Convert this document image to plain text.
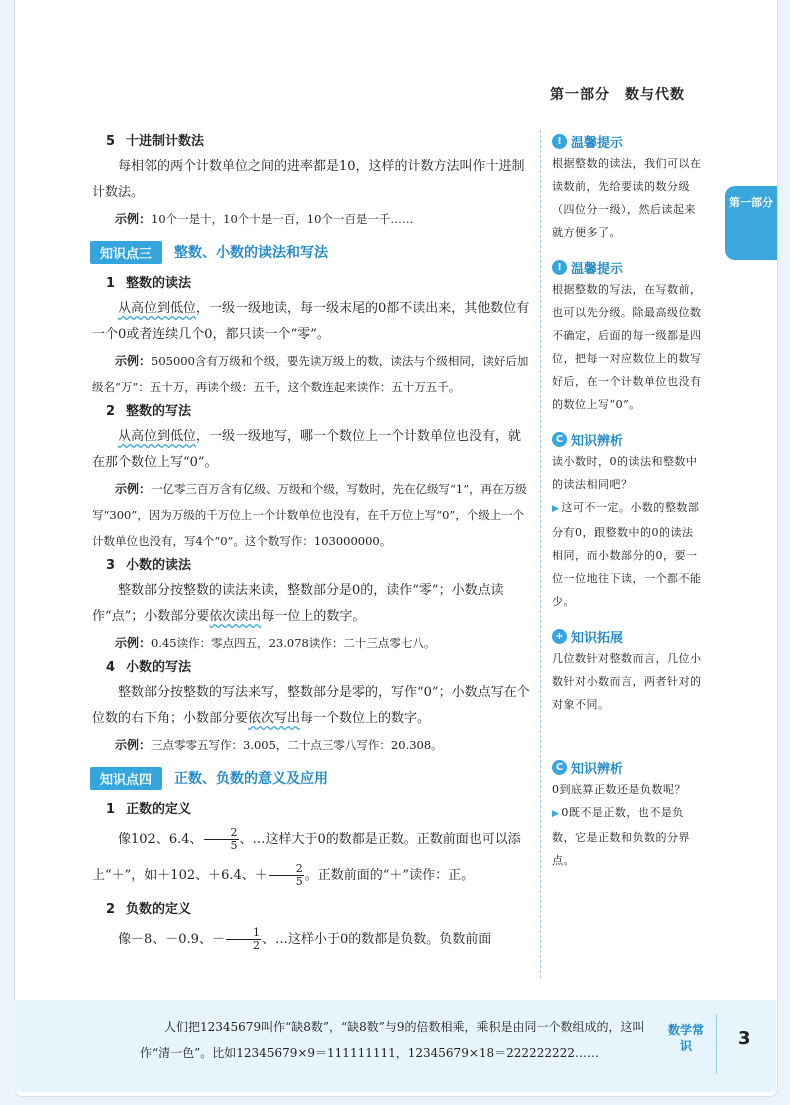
第一部分　数与代数
第一部分
5 十进制计数法

每相邻的两个计数单位之间的进率都是10，这样的计数方法叫作十进制计数法。

示例：10个一是十，10个十是一百，10个一百是一千……

知识点三	整数、小数的读法和写法
1 整数的读法

从高位到低位，一级一级地读，每一级末尾的0都不读出来，其他数位有一个0或者连续几个0，都只读一个“零”。

示例：505000含有万级和个级，要先读万级上的数，读法与个级相同，读好后加级名“万”：五十万，再读个级：五千，这个数连起来读作：五十万五千。

2 整数的写法

从高位到低位，一级一级地写，哪一个数位上一个计数单位也没有，就在那个数位上写“0”。

示例：一亿零三百万含有亿级、万级和个级，写数时，先在亿级写“1”，再在万级写“300”，因为万级的千万位上一个计数单位也没有，在千万位上写“0”，个级上一个计数单位也没有，写4个“0”。这个数写作：103000000。

3 小数的读法

整数部分按整数的读法来读，整数部分是0的，读作“零”；小数点读作“点”；小数部分要依次读出每一位上的数字。

示例：0.45读作：零点四五，23.078读作：二十三点零七八。

4 小数的写法

整数部分按整数的写法来写，整数部分是零的，写作“0”；小数点写在个位数的右下角；小数部分要依次写出每一个数位上的数字。

示例：三点零零五写作：3.005，二十点三零八写作：20.308。

知识点四	正数、负数的意义及应用
1 正数的定义

像102、6.4、 $\frac{2}{5}$ 、…这样大于0的数都是正数。正数前面也可以添上“＋”，如＋102、＋6.4、＋ $\frac{2}{5}$ 。正数前面的“＋”读作：正。

2 负数的定义

像－8、－0.9、－ $\frac{1}{2}$ 、…这样小于0的数都是负数。负数前面

! 温馨提示

根据整数的读法，我们可以在读数前，先给要读的数分级（四位分一级），然后读起来就方便多了。

! 温馨提示

根据整数的写法，在写数前，也可以先分级。除最高级位数不确定，后面的每一级都是四位，把每一对应数位上的数写好后，在一个计数单位也没有的数位上写“0”。

C 知识辨析

读小数时，0的读法和整数中的读法相同吧？

▶ 这可不一定。小数的整数部分有0，跟整数中的0的读法相同，而小数部分的0，要一位一位地往下读，一个都不能少。

+ 知识拓展

几位数针对整数而言，几位小数针对小数而言，两者针对的对象不同。

C 知识辨析

0到底算正数还是负数呢？

▶ 0既不是正数，也不是负数，它是正数和负数的分界点。

人们把12345679叫作“缺8数”，“缺8数”与9的倍数相乘，乘积是由同一个数组成的，这叫作“清一色”。比如12345679×9＝111111111，12345679×18＝222222222……
数学常识	3
